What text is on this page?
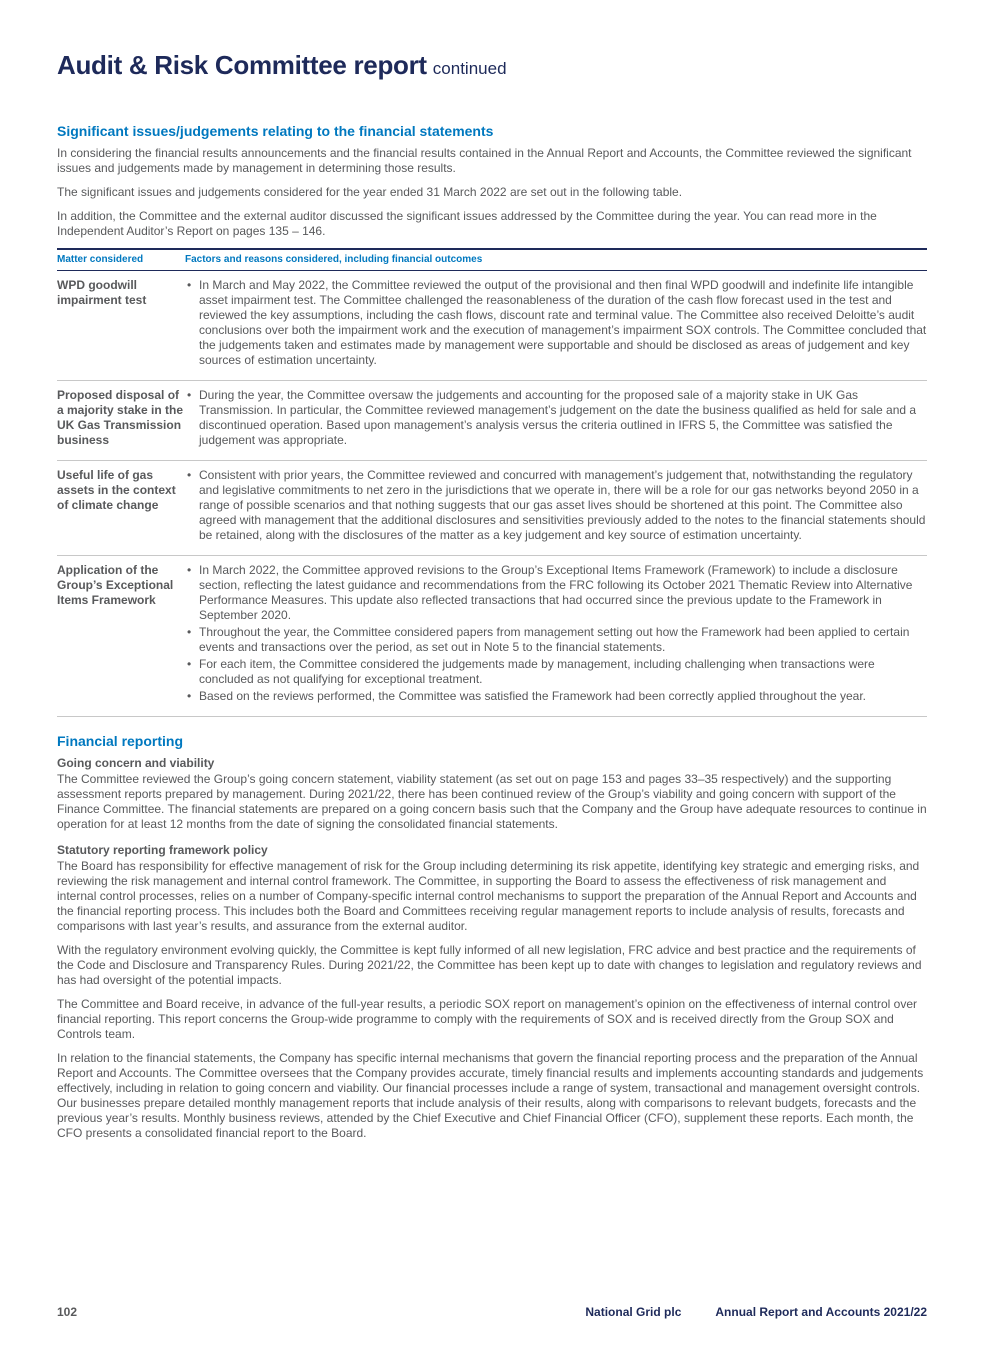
Audit & Risk Committee report continued
Significant issues/judgements relating to the financial statements

In considering the financial results announcements and the financial results contained in the Annual Report and Accounts, the Committee reviewed the significant issues and judgements made by management in determining those results.

The significant issues and judgements considered for the year ended 31 March 2022 are set out in the following table.

In addition, the Committee and the external auditor discussed the significant issues addressed by the Committee during the year. You can read more in the Independent Auditor’s Report on pages 135 – 146.

Matter considered	Factors and reasons considered, including financial outcomes
WPD goodwill impairment test	
• In March and May 2022, the Committee reviewed the output of the provisional and then final WPD goodwill and indefinite life intangible asset impairment test. The Committee challenged the reasonableness of the duration of the cash flow forecast used in the test and reviewed the key assumptions, including the cash flows, discount rate and terminal value. The Committee also received Deloitte’s audit conclusions over both the impairment work and the execution of management’s impairment SOX controls. The Committee concluded that the judgements taken and estimates made by management were supportable and should be disclosed as areas of judgement and key sources of estimation uncertainty.

Proposed disposal of a majority stake in the UK Gas Transmission business	
• During the year, the Committee oversaw the judgements and accounting for the proposed sale of a majority stake in UK Gas Transmission. In particular, the Committee reviewed management’s judgement on the date the business qualified as held for sale and a discontinued operation. Based upon management’s analysis versus the criteria outlined in IFRS 5, the Committee was satisfied the judgement was appropriate.

Useful life of gas assets in the context of climate change	
• Consistent with prior years, the Committee reviewed and concurred with management’s judgement that, notwithstanding the regulatory and legislative commitments to net zero in the jurisdictions that we operate in, there will be a role for our gas networks beyond 2050 in a range of possible scenarios and that nothing suggests that our gas asset lives should be shortened at this point. The Committee also agreed with management that the additional disclosures and sensitivities previously added to the notes to the financial statements should be retained, along with the disclosures of the matter as a key judgement and key source of estimation uncertainty.

Application of the Group’s Exceptional Items Framework	
• In March 2022, the Committee approved revisions to the Group’s Exceptional Items Framework (Framework) to include a disclosure section, reflecting the latest guidance and recommendations from the FRC following its October 2021 Thematic Review into Alternative Performance Measures. This update also reflected transactions that had occurred since the previous update to the Framework in September 2020.
• Throughout the year, the Committee considered papers from management setting out how the Framework had been applied to certain events and transactions over the period, as set out in Note 5 to the financial statements.
• For each item, the Committee considered the judgements made by management, including challenging when transactions were concluded as not qualifying for exceptional treatment.
• Based on the reviews performed, the Committee was satisfied the Framework had been correctly applied throughout the year.
Financial reporting
Going concern and viability

The Committee reviewed the Group’s going concern statement, viability statement (as set out on page 153 and pages 33–35 respectively) and the supporting assessment reports prepared by management. During 2021/22, there has been continued review of the Group’s viability and going concern with support of the Finance Committee. The financial statements are prepared on a going concern basis such that the Company and the Group have adequate resources to continue in operation for at least 12 months from the date of signing the consolidated financial statements.

Statutory reporting framework policy

The Board has responsibility for effective management of risk for the Group including determining its risk appetite, identifying key strategic and emerging risks, and reviewing the risk management and internal control framework. The Committee, in supporting the Board to assess the effectiveness of risk management and internal control processes, relies on a number of Company-specific internal control mechanisms to support the preparation of the Annual Report and Accounts and the financial reporting process. This includes both the Board and Committees receiving regular management reports to include analysis of results, forecasts and comparisons with last year’s results, and assurance from the external auditor.

With the regulatory environment evolving quickly, the Committee is kept fully informed of all new legislation, FRC advice and best practice and the requirements of the Code and Disclosure and Transparency Rules. During 2021/22, the Committee has been kept up to date with changes to legislation and regulatory reviews and has had oversight of the potential impacts.

The Committee and Board receive, in advance of the full-year results, a periodic SOX report on management’s opinion on the effectiveness of internal control over financial reporting. This report concerns the Group-wide programme to comply with the requirements of SOX and is received directly from the Group SOX and Controls team.

In relation to the financial statements, the Company has specific internal mechanisms that govern the financial reporting process and the preparation of the Annual Report and Accounts. The Committee oversees that the Company provides accurate, timely financial results and implements accounting standards and judgements effectively, including in relation to going concern and viability. Our financial processes include a range of system, transactional and management oversight controls. Our businesses prepare detailed monthly management reports that include analysis of their results, along with comparisons to relevant budgets, forecasts and the previous year’s results. Monthly business reviews, attended by the Chief Executive and Chief Financial Officer (CFO), supplement these reports. Each month, the CFO presents a consolidated financial report to the Board.

102	National Grid plc	Annual Report and Accounts 2021/22
